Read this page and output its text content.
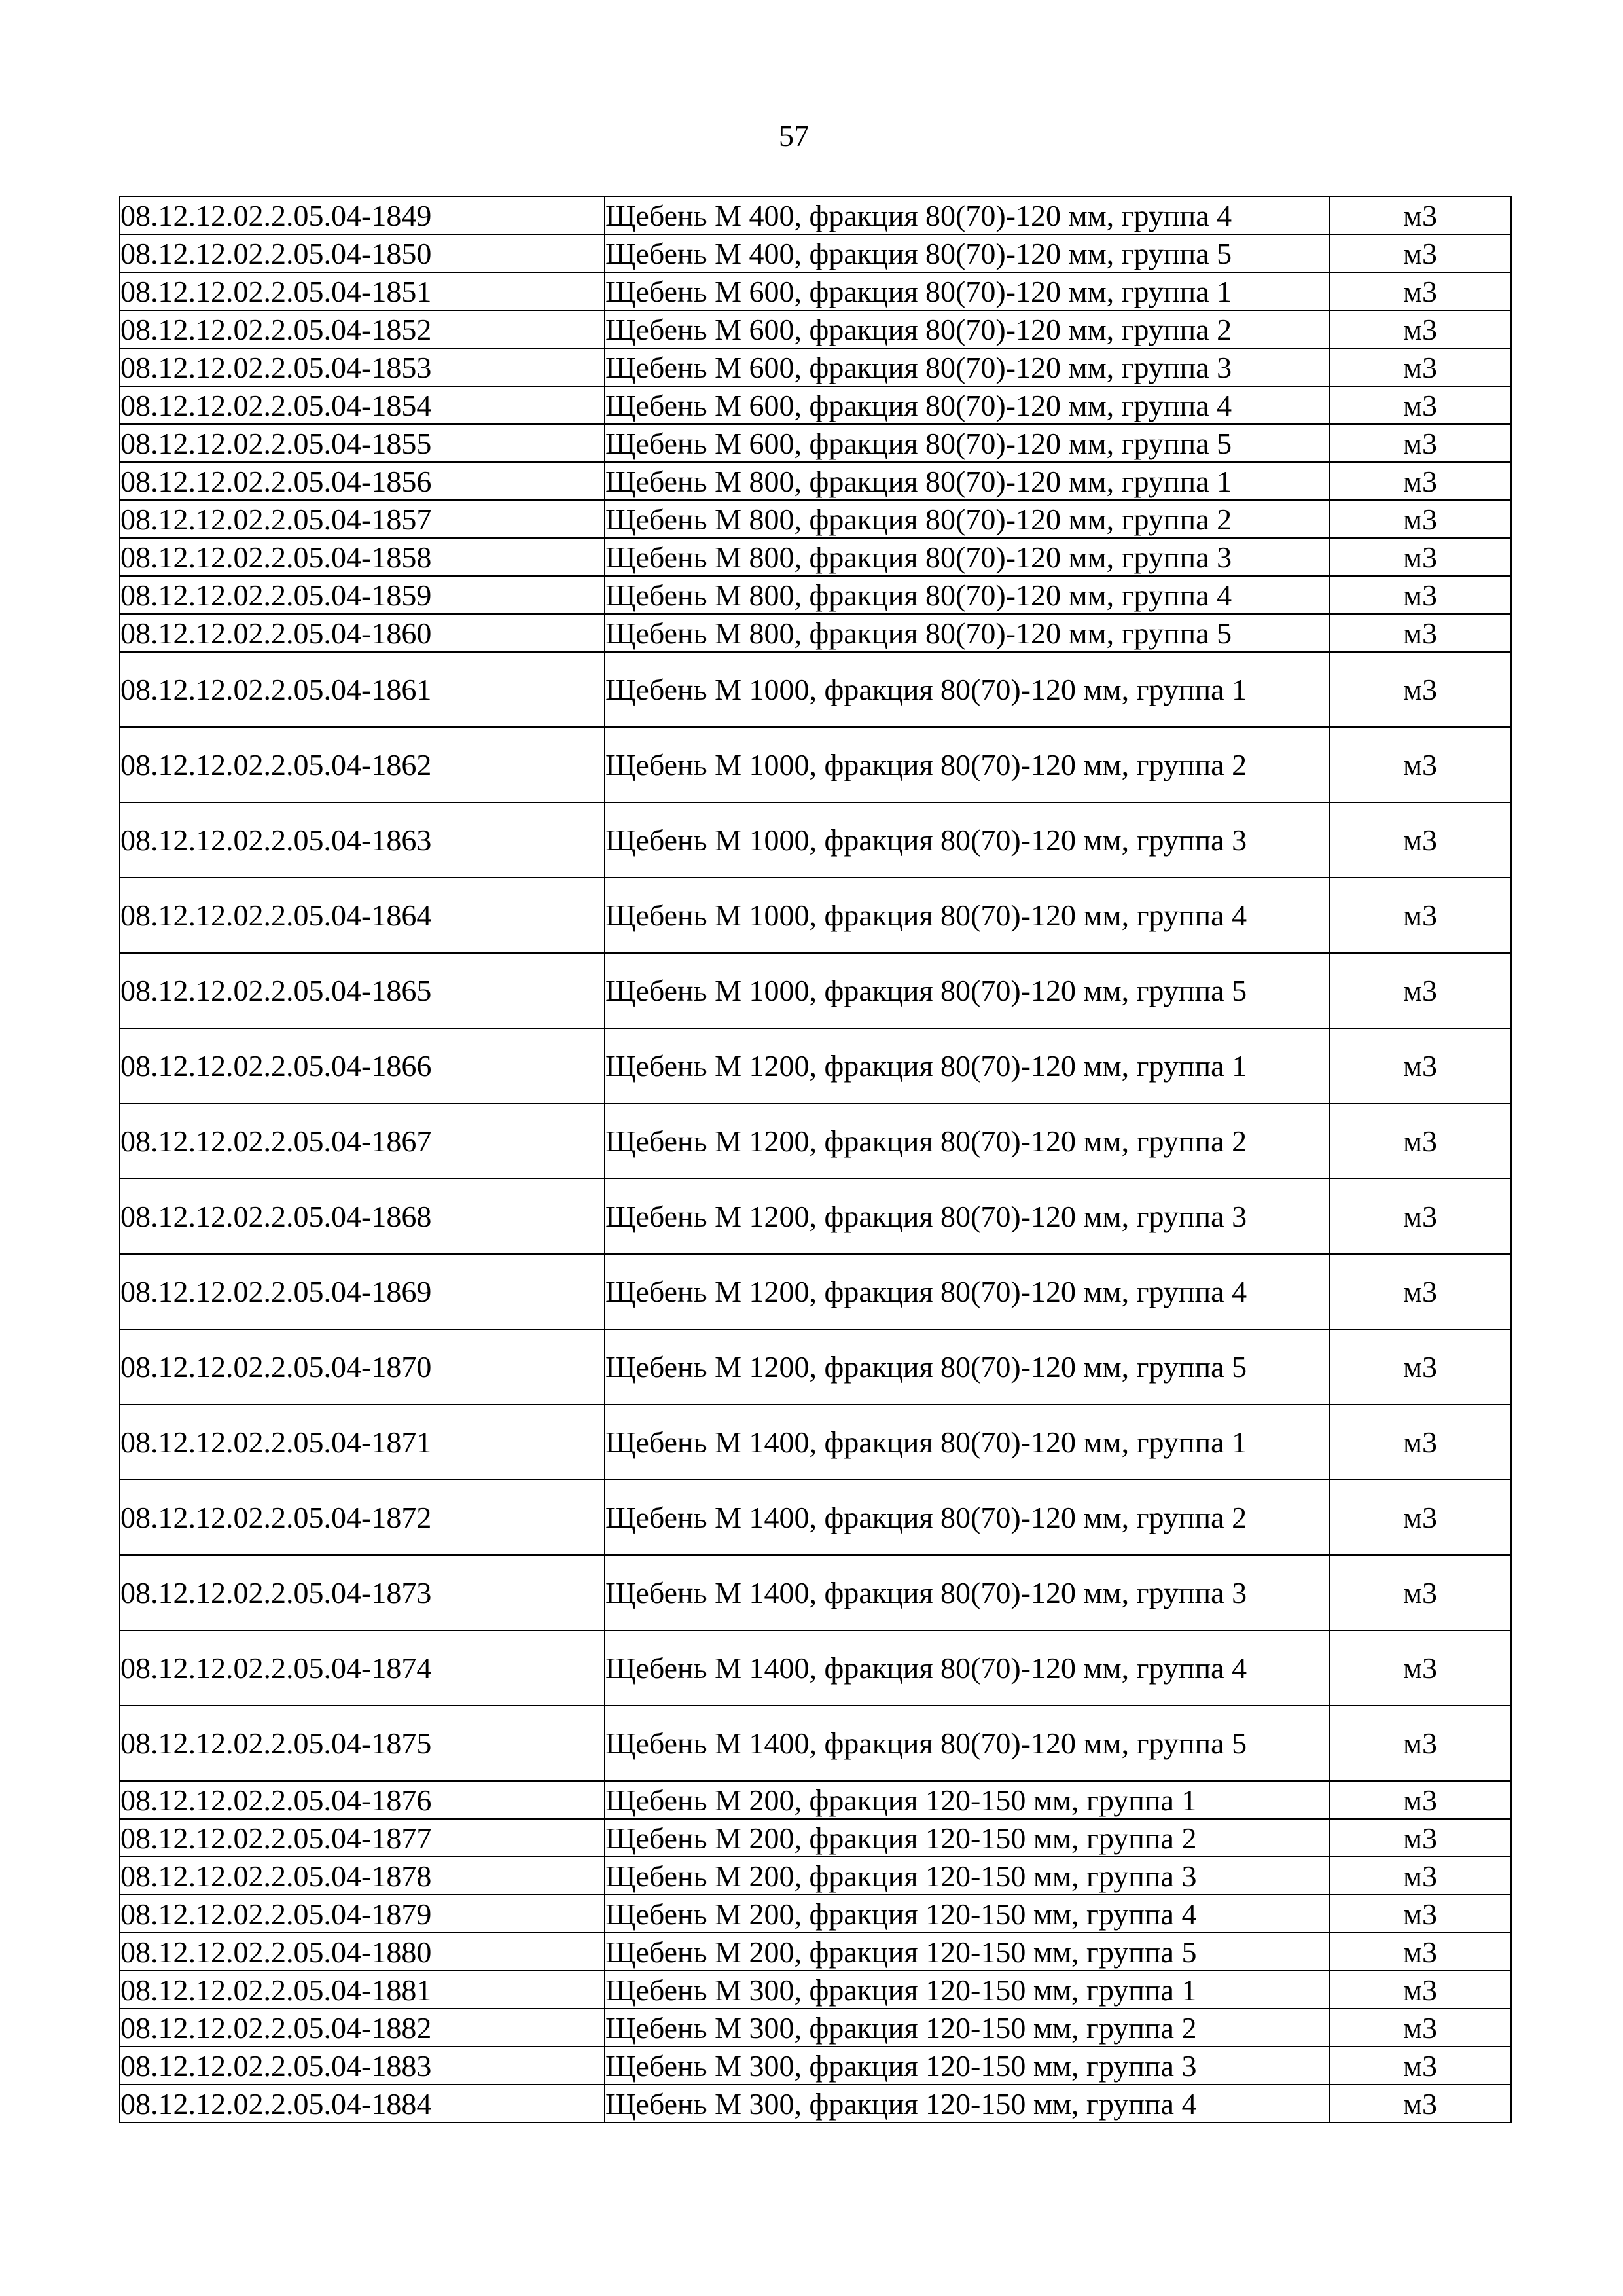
57
08.12.12.02.2.05.04-1849	Щебень М 400, фракция 80(70)-120 мм, группа 4	м3
08.12.12.02.2.05.04-1850	Щебень М 400, фракция 80(70)-120 мм, группа 5	м3
08.12.12.02.2.05.04-1851	Щебень М 600, фракция 80(70)-120 мм, группа 1	м3
08.12.12.02.2.05.04-1852	Щебень М 600, фракция 80(70)-120 мм, группа 2	м3
08.12.12.02.2.05.04-1853	Щебень М 600, фракция 80(70)-120 мм, группа 3	м3
08.12.12.02.2.05.04-1854	Щебень М 600, фракция 80(70)-120 мм, группа 4	м3
08.12.12.02.2.05.04-1855	Щебень М 600, фракция 80(70)-120 мм, группа 5	м3
08.12.12.02.2.05.04-1856	Щебень М 800, фракция 80(70)-120 мм, группа 1	м3
08.12.12.02.2.05.04-1857	Щебень М 800, фракция 80(70)-120 мм, группа 2	м3
08.12.12.02.2.05.04-1858	Щебень М 800, фракция 80(70)-120 мм, группа 3	м3
08.12.12.02.2.05.04-1859	Щебень М 800, фракция 80(70)-120 мм, группа 4	м3
08.12.12.02.2.05.04-1860	Щебень М 800, фракция 80(70)-120 мм, группа 5	м3
08.12.12.02.2.05.04-1861	Щебень М 1000, фракция 80(70)-120 мм, группа 1	м3
08.12.12.02.2.05.04-1862	Щебень М 1000, фракция 80(70)-120 мм, группа 2	м3
08.12.12.02.2.05.04-1863	Щебень М 1000, фракция 80(70)-120 мм, группа 3	м3
08.12.12.02.2.05.04-1864	Щебень М 1000, фракция 80(70)-120 мм, группа 4	м3
08.12.12.02.2.05.04-1865	Щебень М 1000, фракция 80(70)-120 мм, группа 5	м3
08.12.12.02.2.05.04-1866	Щебень М 1200, фракция 80(70)-120 мм, группа 1	м3
08.12.12.02.2.05.04-1867	Щебень М 1200, фракция 80(70)-120 мм, группа 2	м3
08.12.12.02.2.05.04-1868	Щебень М 1200, фракция 80(70)-120 мм, группа 3	м3
08.12.12.02.2.05.04-1869	Щебень М 1200, фракция 80(70)-120 мм, группа 4	м3
08.12.12.02.2.05.04-1870	Щебень М 1200, фракция 80(70)-120 мм, группа 5	м3
08.12.12.02.2.05.04-1871	Щебень М 1400, фракция 80(70)-120 мм, группа 1	м3
08.12.12.02.2.05.04-1872	Щебень М 1400, фракция 80(70)-120 мм, группа 2	м3
08.12.12.02.2.05.04-1873	Щебень М 1400, фракция 80(70)-120 мм, группа 3	м3
08.12.12.02.2.05.04-1874	Щебень М 1400, фракция 80(70)-120 мм, группа 4	м3
08.12.12.02.2.05.04-1875	Щебень М 1400, фракция 80(70)-120 мм, группа 5	м3
08.12.12.02.2.05.04-1876	Щебень М 200, фракция 120-150 мм, группа 1	м3
08.12.12.02.2.05.04-1877	Щебень М 200, фракция 120-150 мм, группа 2	м3
08.12.12.02.2.05.04-1878	Щебень М 200, фракция 120-150 мм, группа 3	м3
08.12.12.02.2.05.04-1879	Щебень М 200, фракция 120-150 мм, группа 4	м3
08.12.12.02.2.05.04-1880	Щебень М 200, фракция 120-150 мм, группа 5	м3
08.12.12.02.2.05.04-1881	Щебень М 300, фракция 120-150 мм, группа 1	м3
08.12.12.02.2.05.04-1882	Щебень М 300, фракция 120-150 мм, группа 2	м3
08.12.12.02.2.05.04-1883	Щебень М 300, фракция 120-150 мм, группа 3	м3
08.12.12.02.2.05.04-1884	Щебень М 300, фракция 120-150 мм, группа 4	м3
